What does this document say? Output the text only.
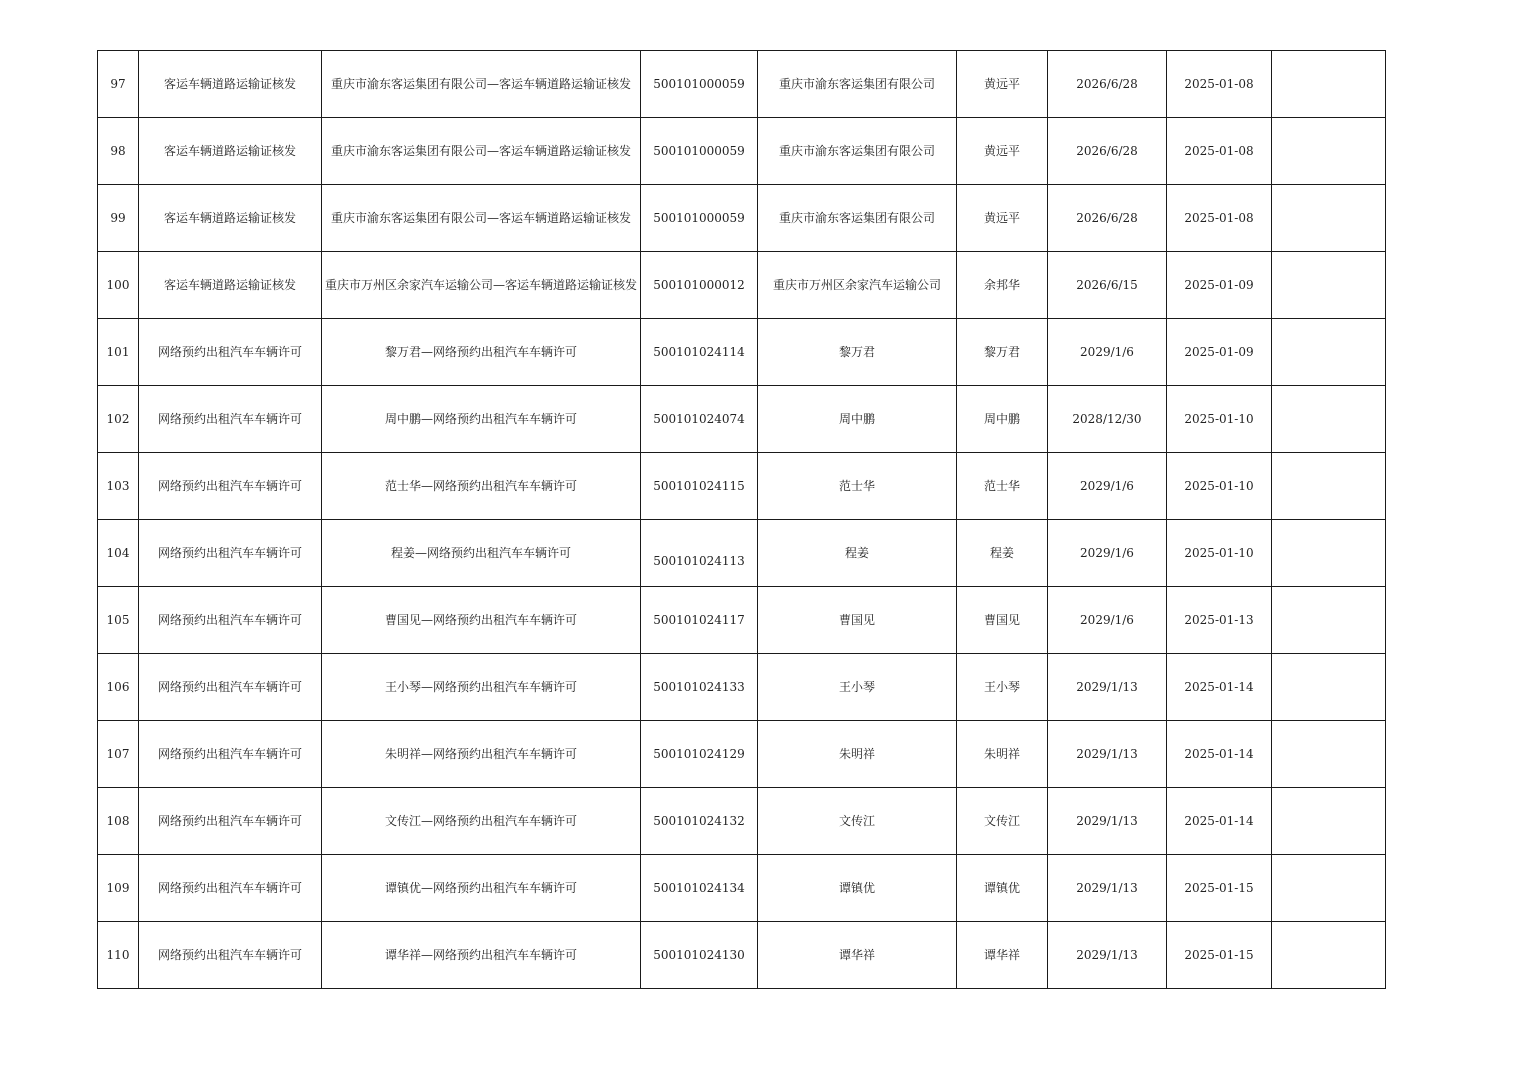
97	客运车辆道路运输证核发	重庆市渝东客运集团有限公司—客运车辆道路运输证核发	500101000059	重庆市渝东客运集团有限公司	黄远平	2026/6/28	2025-01-08	
98	客运车辆道路运输证核发	重庆市渝东客运集团有限公司—客运车辆道路运输证核发	500101000059	重庆市渝东客运集团有限公司	黄远平	2026/6/28	2025-01-08	
99	客运车辆道路运输证核发	重庆市渝东客运集团有限公司—客运车辆道路运输证核发	500101000059	重庆市渝东客运集团有限公司	黄远平	2026/6/28	2025-01-08	
100	客运车辆道路运输证核发	重庆市万州区余家汽车运输公司—客运车辆道路运输证核发	500101000012	重庆市万州区余家汽车运输公司	余邦华	2026/6/15	2025-01-09	
101	网络预约出租汽车车辆许可	黎万君—网络预约出租汽车车辆许可	500101024114	黎万君	黎万君	2029/1/6	2025-01-09	
102	网络预约出租汽车车辆许可	周中鹏—网络预约出租汽车车辆许可	500101024074	周中鹏	周中鹏	2028/12/30	2025-01-10	
103	网络预约出租汽车车辆许可	范士华—网络预约出租汽车车辆许可	500101024115	范士华	范士华	2029/1/6	2025-01-10	
104	网络预约出租汽车车辆许可	程姜—网络预约出租汽车车辆许可	500101024113	程姜	程姜	2029/1/6	2025-01-10	
105	网络预约出租汽车车辆许可	曹国见—网络预约出租汽车车辆许可	500101024117	曹国见	曹国见	2029/1/6	2025-01-13	
106	网络预约出租汽车车辆许可	王小琴—网络预约出租汽车车辆许可	500101024133	王小琴	王小琴	2029/1/13	2025-01-14	
107	网络预约出租汽车车辆许可	朱明祥—网络预约出租汽车车辆许可	500101024129	朱明祥	朱明祥	2029/1/13	2025-01-14	
108	网络预约出租汽车车辆许可	文传江—网络预约出租汽车车辆许可	500101024132	文传江	文传江	2029/1/13	2025-01-14	
109	网络预约出租汽车车辆许可	谭镇优—网络预约出租汽车车辆许可	500101024134	谭镇优	谭镇优	2029/1/13	2025-01-15	
110	网络预约出租汽车车辆许可	谭华祥—网络预约出租汽车车辆许可	500101024130	谭华祥	谭华祥	2029/1/13	2025-01-15	
